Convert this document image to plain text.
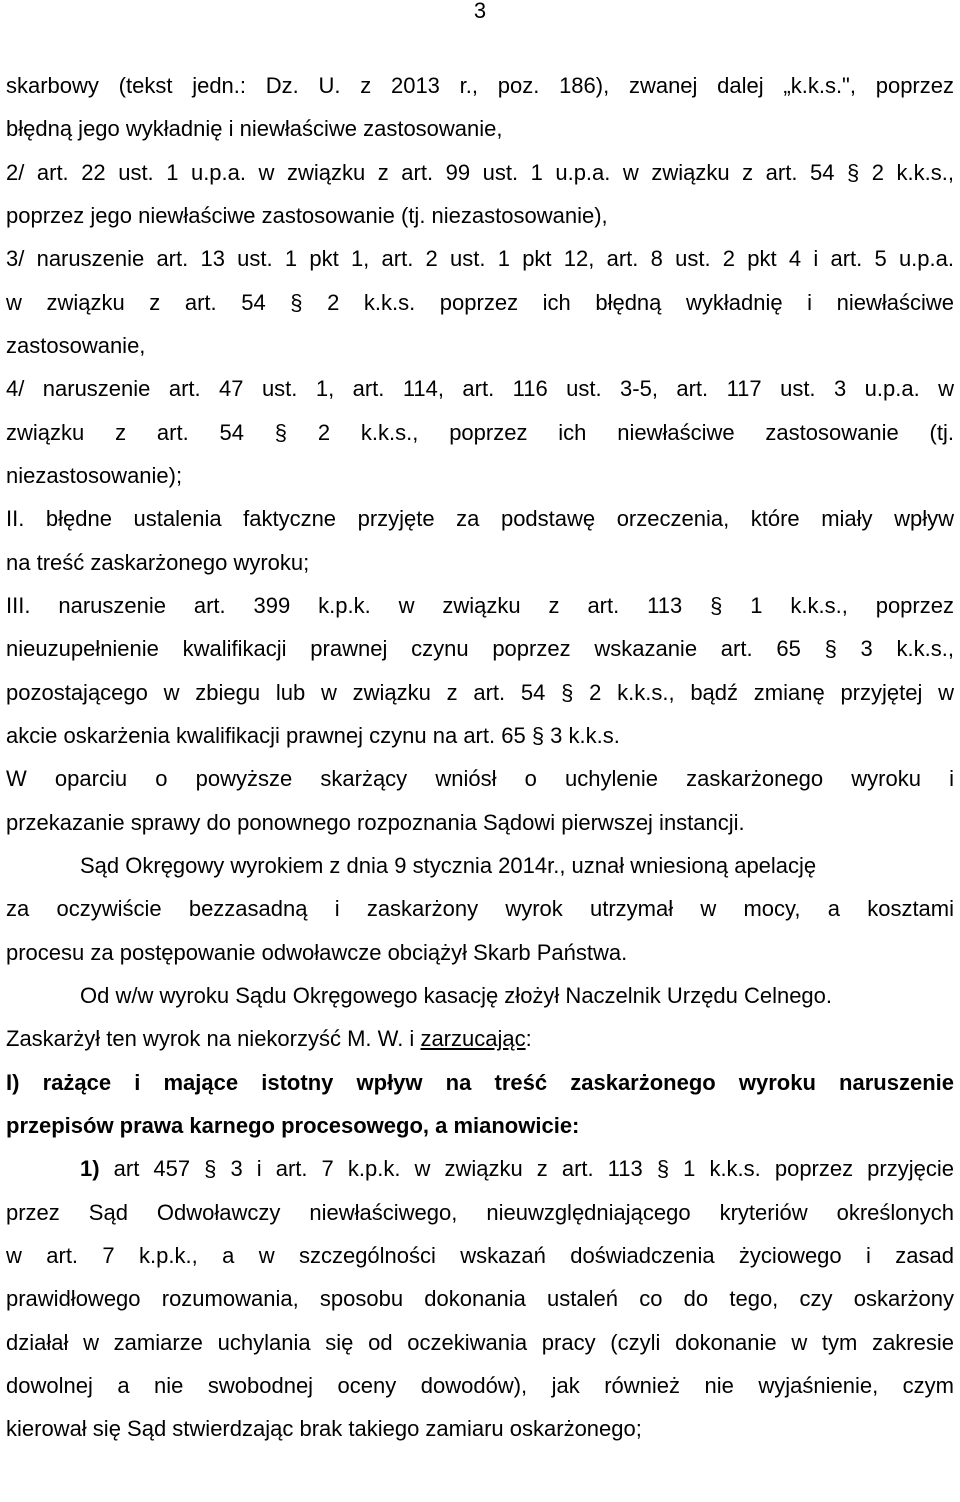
3
skarbowy (tekst jedn.: Dz. U. z 2013 r., poz. 186), zwanej dalej „k.k.s.", poprzez
błędną jego wykładnię i niewłaściwe zastosowanie,
2/ art. 22 ust. 1 u.p.a. w związku z art. 99 ust. 1 u.p.a. w związku z art. 54 § 2 k.k.s.,
poprzez jego niewłaściwe zastosowanie (tj. niezastosowanie),
3/ naruszenie art. 13 ust. 1 pkt 1, art. 2 ust. 1 pkt 12, art. 8 ust. 2 pkt 4 i art. 5 u.p.a.
w związku z art. 54 § 2 k.k.s. poprzez ich błędną wykładnię i niewłaściwe
zastosowanie,
4/ naruszenie art. 47 ust. 1, art. 114, art. 116 ust. 3-5, art. 117 ust. 3 u.p.a. w
związku z art. 54 § 2 k.k.s., poprzez ich niewłaściwe zastosowanie (tj.
niezastosowanie);
II. błędne ustalenia faktyczne przyjęte za podstawę orzeczenia, które miały wpływ
na treść zaskarżonego wyroku;
III. naruszenie art. 399 k.p.k. w związku z art. 113 § 1 k.k.s., poprzez
nieuzupełnienie kwalifikacji prawnej czynu poprzez wskazanie art. 65 § 3 k.k.s.,
pozostającego w zbiegu lub w związku z art. 54 § 2 k.k.s., bądź zmianę przyjętej w
akcie oskarżenia kwalifikacji prawnej czynu na art. 65 § 3 k.k.s.
W oparciu o powyższe skarżący wniósł o uchylenie zaskarżonego wyroku i
przekazanie sprawy do ponownego rozpoznania Sądowi pierwszej instancji.
Sąd Okręgowy wyrokiem z dnia 9 stycznia 2014r., uznał wniesioną apelację
za oczywiście bezzasadną i zaskarżony wyrok utrzymał w mocy, a kosztami
procesu za postępowanie odwoławcze obciążył Skarb Państwa.
Od w/w wyroku Sądu Okręgowego kasację złożył Naczelnik Urzędu Celnego.
Zaskarżył ten wyrok na niekorzyść M. W. i zarzucając:
I) rażące i mające istotny wpływ na treść zaskarżonego wyroku naruszenie
przepisów prawa karnego procesowego, a mianowicie:
1) art 457 § 3 i art. 7 k.p.k. w związku z art. 113 § 1 k.k.s. poprzez przyjęcie
przez Sąd Odwoławczy niewłaściwego, nieuwzględniającego kryteriów określonych
w art. 7 k.p.k., a w szczególności wskazań doświadczenia życiowego i zasad
prawidłowego rozumowania, sposobu dokonania ustaleń co do tego, czy oskarżony
działał w zamiarze uchylania się od oczekiwania pracy (czyli dokonanie w tym zakresie
dowolnej a nie swobodnej oceny dowodów), jak również nie wyjaśnienie, czym
kierował się Sąd stwierdzając brak takiego zamiaru oskarżonego;
